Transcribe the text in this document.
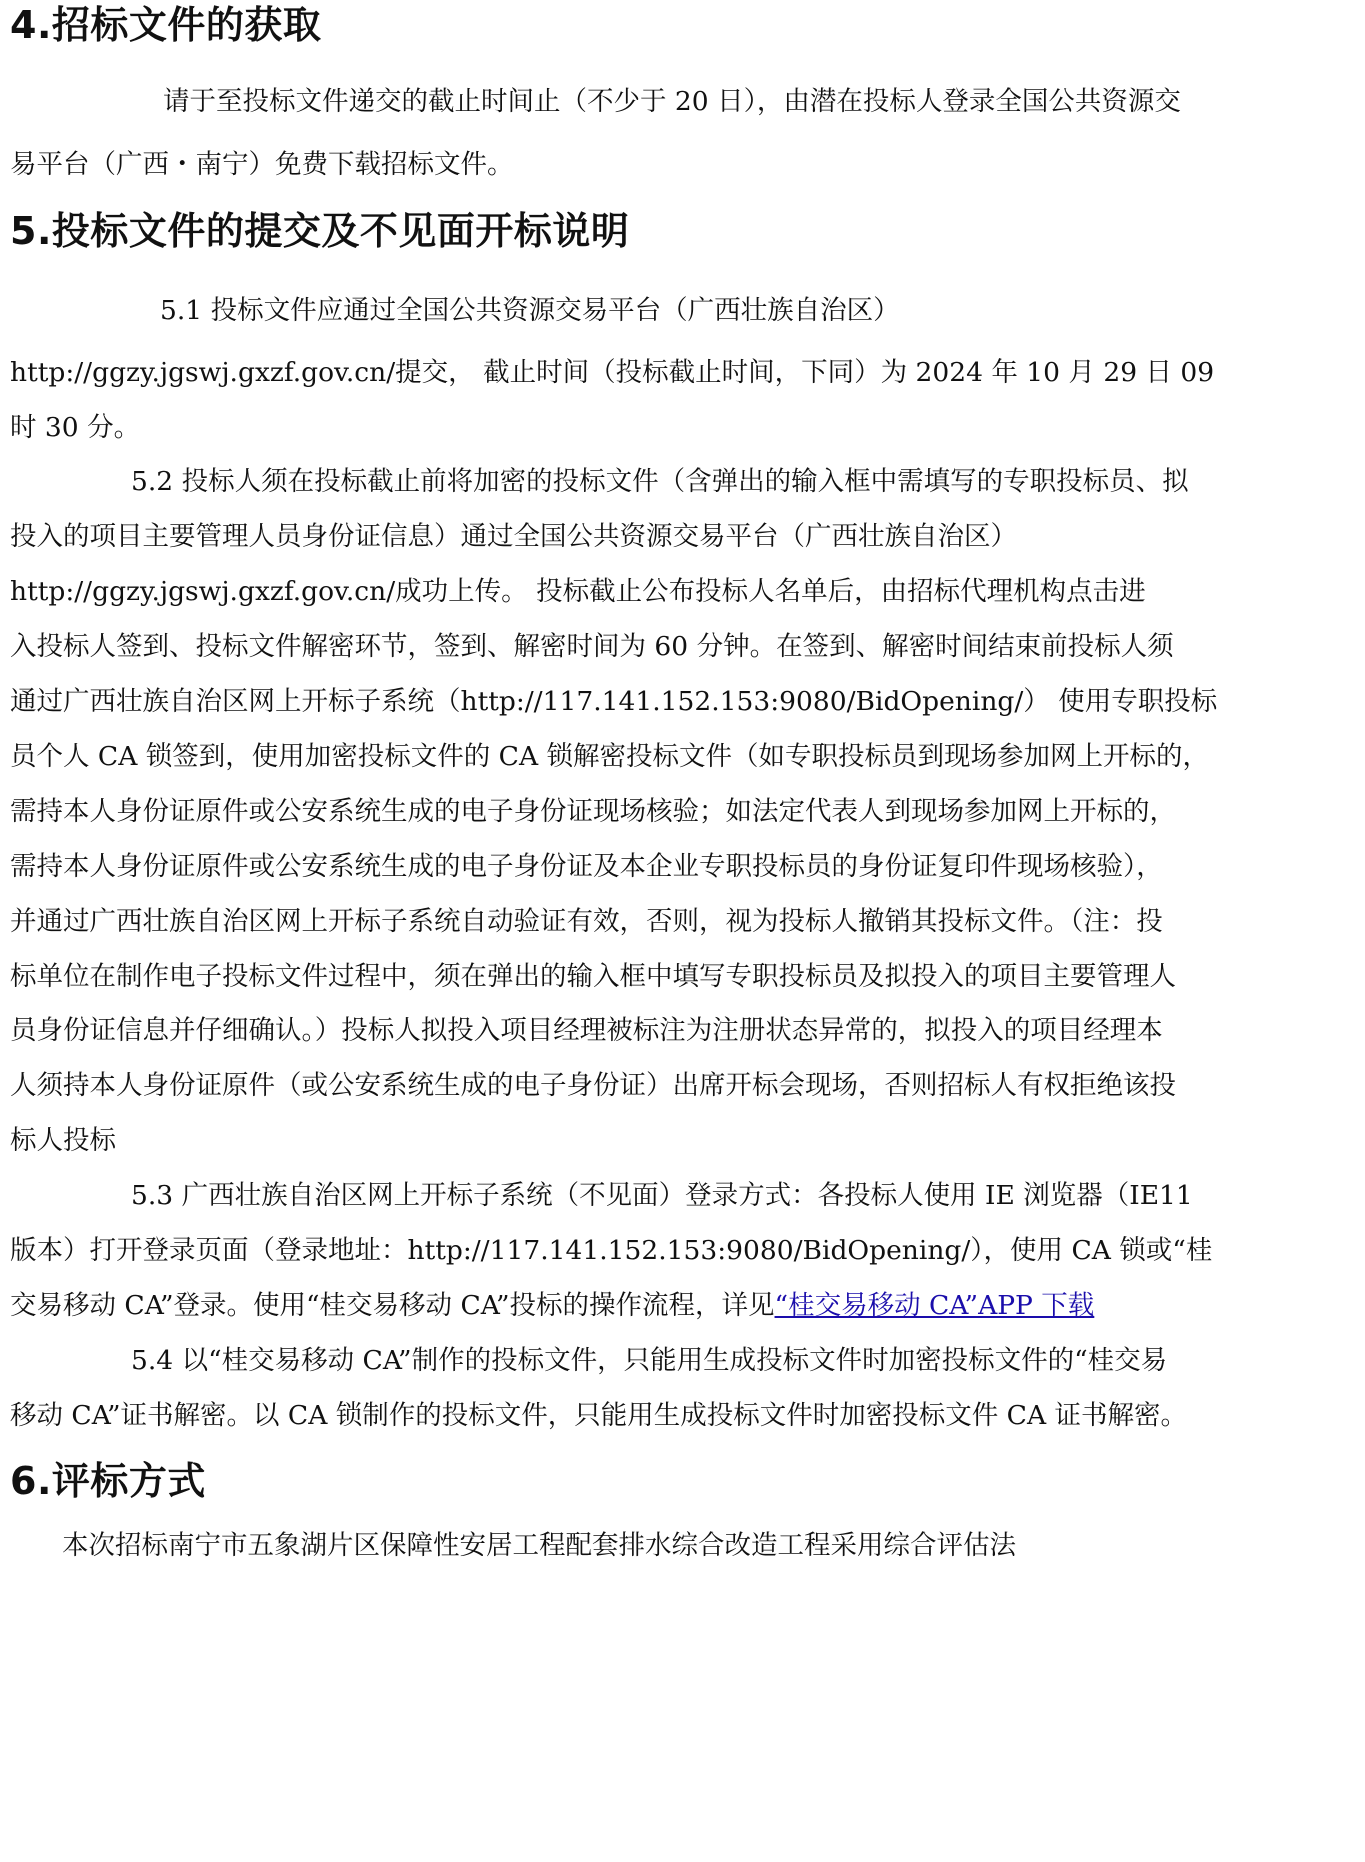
4.招标文件的获取
请于至投标文件递交的截止时间止（不少于 20 日），由潜在投标人登录全国公共资源交
易平台（广西・南宁）免费下载招标文件。
5.投标文件的提交及不见面开标说明
5.1 投标文件应通过全国公共资源交易平台（广西壮族自治区）
http://ggzy.jgswj.gxzf.gov.cn/提交， 截止时间（投标截止时间，下同）为 2024 年 10 月 29 日 09
时 30 分。
5.2 投标人须在投标截止前将加密的投标文件（含弹出的输入框中需填写的专职投标员、拟
投入的项目主要管理人员身份证信息）通过全国公共资源交易平台（广西壮族自治区）
http://ggzy.jgswj.gxzf.gov.cn/成功上传。 投标截止公布投标人名单后，由招标代理机构点击进
入投标人签到、投标文件解密环节，签到、解密时间为 60 分钟。在签到、解密时间结束前投标人须
通过广西壮族自治区网上开标子系统（http://117.141.152.153:9080/BidOpening/） 使用专职投标
员个人 CA 锁签到，使用加密投标文件的 CA 锁解密投标文件（如专职投标员到现场参加网上开标的，
需持本人身份证原件或公安系统生成的电子身份证现场核验；如法定代表人到现场参加网上开标的，
需持本人身份证原件或公安系统生成的电子身份证及本企业专职投标员的身份证复印件现场核验），
并通过广西壮族自治区网上开标子系统自动验证有效，否则，视为投标人撤销其投标文件。（注：投
标单位在制作电子投标文件过程中，须在弹出的输入框中填写专职投标员及拟投入的项目主要管理人
员身份证信息并仔细确认。）投标人拟投入项目经理被标注为注册状态异常的，拟投入的项目经理本
人须持本人身份证原件（或公安系统生成的电子身份证）出席开标会现场，否则招标人有权拒绝该投
标人投标
5.3 广西壮族自治区网上开标子系统（不见面）登录方式：各投标人使用 IE 浏览器（IE11
版本）打开登录页面（登录地址：http://117.141.152.153:9080/BidOpening/），使用 CA 锁或“桂
交易移动 CA”登录。使用“桂交易移动 CA”投标的操作流程，详见“桂交易移动 CA”APP 下载
5.4 以“桂交易移动 CA”制作的投标文件，只能用生成投标文件时加密投标文件的“桂交易
移动 CA”证书解密。以 CA 锁制作的投标文件，只能用生成投标文件时加密投标文件 CA 证书解密。
6.评标方式
本次招标南宁市五象湖片区保障性安居工程配套排水综合改造工程采用综合评估法
